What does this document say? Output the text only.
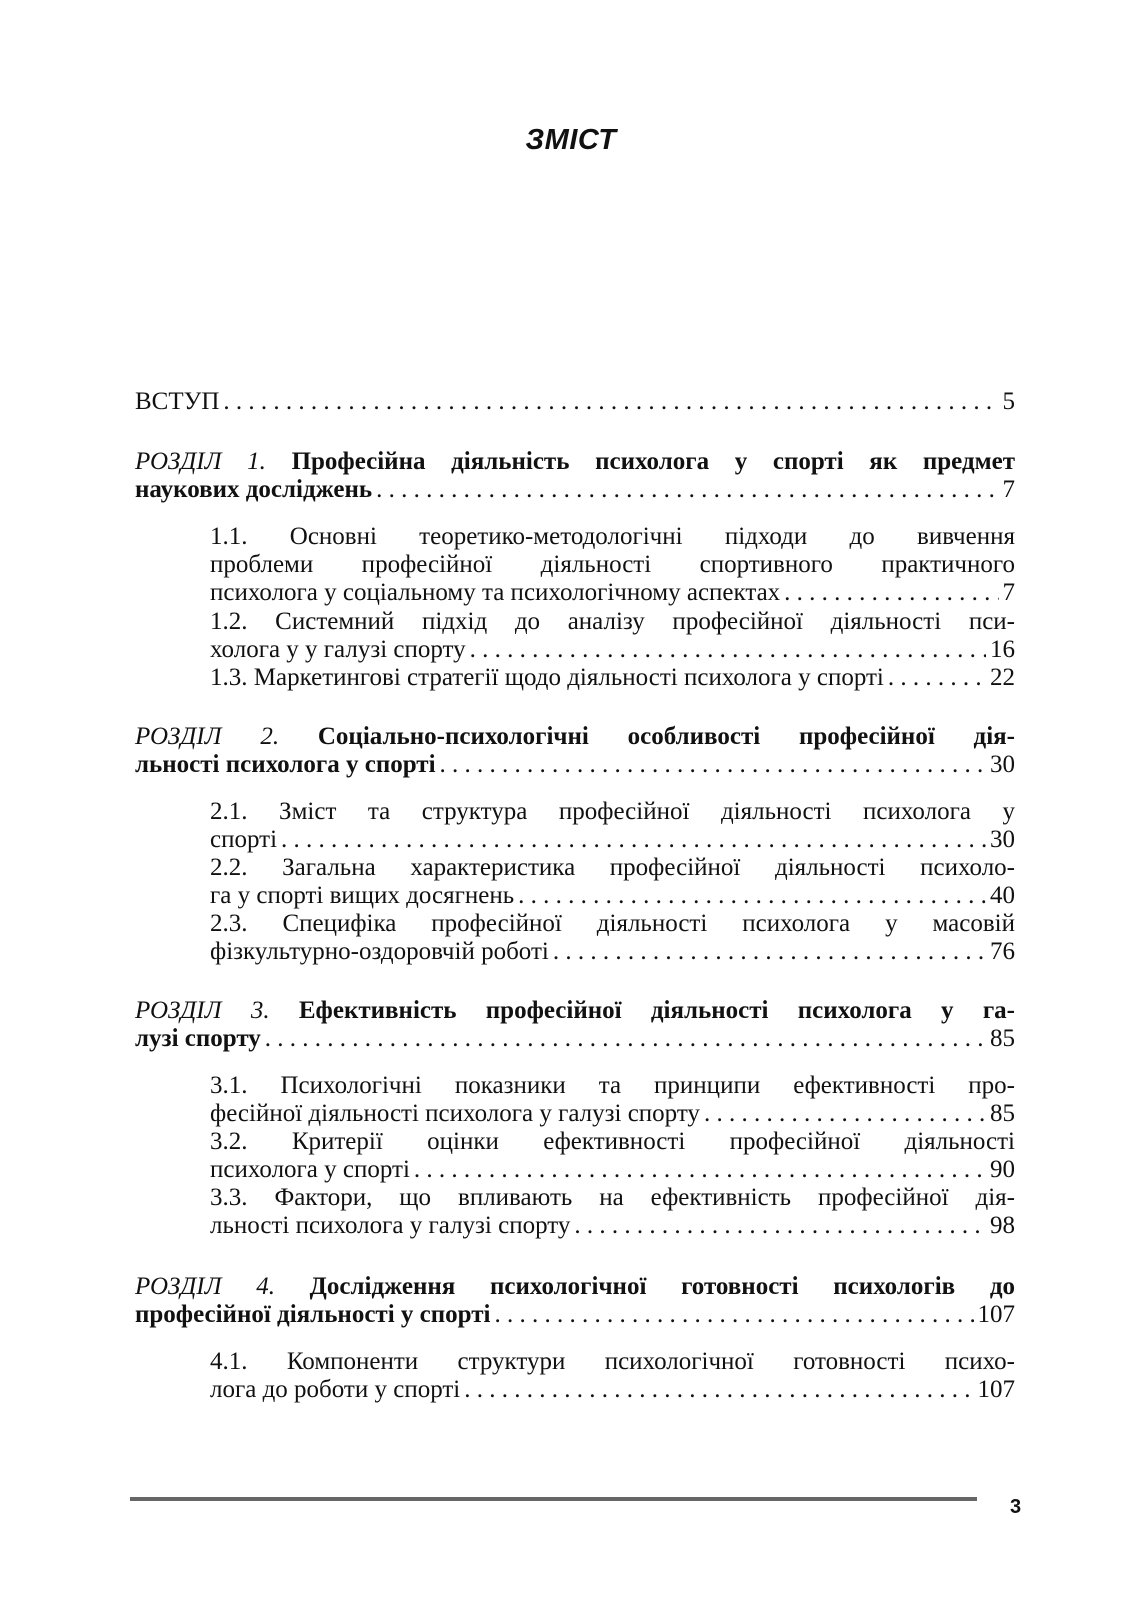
ЗМІСТ
ВСТУП . . .	5
РОЗДІЛ 1. Професійна діяльність психолога у спорті як предмет
наукових досліджень . . .	7
1.1. Основні теоретико-методологічні підходи до вивчення
проблеми професійної діяльності спортивного практичного
психолога у соціальному та психологічному аспектах . . .	7
1.2. Системний підхід до аналізу професійної діяльності пси-
холога у у галузі спорту . . .	16
1.3. Маркетингові стратегії щодо діяльності психолога у спорті . . .	22
РОЗДІЛ 2. Соціально-психологічні особливості професійної дія-
льності психолога у спорті . . .	30
2.1. Зміст та структура професійної діяльності психолога у
спорті . . .	30
2.2. Загальна характеристика професійної діяльності психоло-
га у спорті вищих досягнень . . .	40
2.3. Специфіка професійної діяльності психолога у масовій
фізкультурно-оздоровчій роботі . . .	76
РОЗДІЛ 3. Ефективність професійної діяльності психолога у га-
лузі спорту . . .	85
3.1. Психологічні показники та принципи ефективності про-
фесійної діяльності психолога у галузі спорту . . .	85
3.2. Критерії оцінки ефективності професійної діяльності
психолога у спорті . . .	90
3.3. Фактори, що впливають на ефективність професійної дія-
льності психолога у галузі спорту . . .	98
РОЗДІЛ 4. Дослідження психологічної готовності психологів до
професійної діяльності у спорті . . .	107
4.1. Компоненти структури психологічної готовності психо-
лога до роботи у спорті . . .	107
3
